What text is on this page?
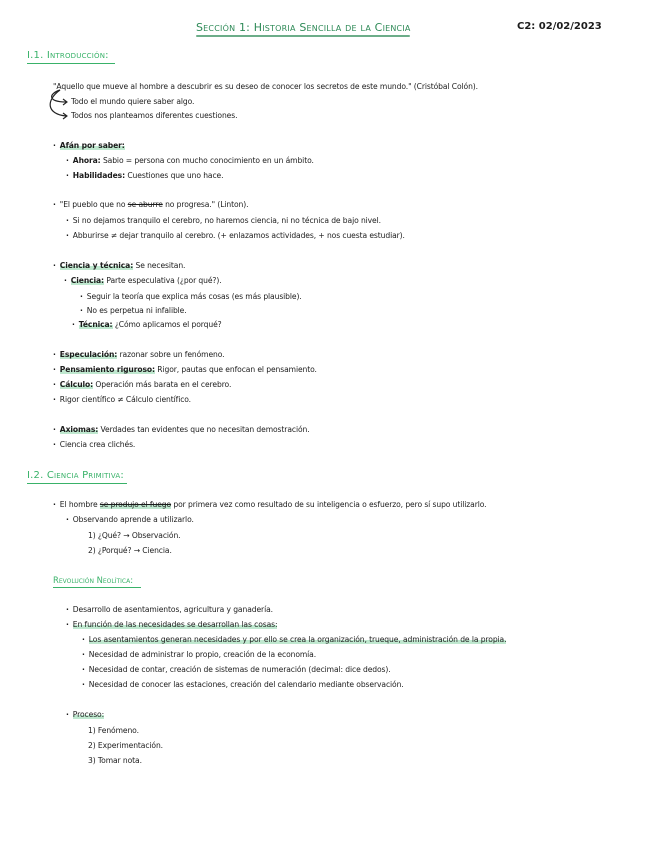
Sección 1: Historia Sencilla de la Ciencia	C2: 02/02/2023
I.1. Introducción:
"Aquello que mueve al hombre a descubrir es su deseo de conocer los secretos de este mundo." (Cristóbal Colón).
Todo el mundo quiere saber algo.
Todos nos planteamos diferentes cuestiones.
· Afán por saber:
· Ahora: Sabio = persona con mucho conocimiento en un ámbito.
· Habilidades: Cuestiones que uno hace.
· "El pueblo que no se aburre no progresa." (Linton).
· Si no dejamos tranquilo el cerebro, no haremos ciencia, ni no técnica de bajo nivel.
· Abburirse ≠ dejar tranquilo al cerebro. (+ enlazamos actividades, + nos cuesta estudiar).
· Ciencia y técnica: Se necesitan.
· Ciencia: Parte especulativa (¿por qué?).
· Seguir la teoría que explica más cosas (es más plausible).
· No es perpetua ni infalible.
· Técnica: ¿Cómo aplicamos el porqué?
· Especulación: razonar sobre un fenómeno.
· Pensamiento riguroso: Rigor, pautas que enfocan el pensamiento.
· Cálculo: Operación más barata en el cerebro.
· Rigor científico ≠ Cálculo científico.
· Axiomas: Verdades tan evidentes que no necesitan demostración.
· Ciencia crea clichés.
I.2. Ciencia Primitiva:
· El hombre se produjo el fuego por primera vez como resultado de su inteligencia o esfuerzo, pero sí supo utilizarlo.
· Observando aprende a utilizarlo.
1) ¿Qué? → Observación.
2) ¿Porqué? → Ciencia.
Revolución Neolítica:
· Desarrollo de asentamientos, agricultura y ganadería.
· En función de las necesidades se desarrollan las cosas:
· Los asentamientos generan necesidades y por ello se crea la organización, trueque, administración de la propia.
· Necesidad de administrar lo propio, creación de la economía.
· Necesidad de contar, creación de sistemas de numeración (decimal: dice dedos).
· Necesidad de conocer las estaciones, creación del calendario mediante observación.
· Proceso:
1) Fenómeno.
2) Experimentación.
3) Tomar nota.
